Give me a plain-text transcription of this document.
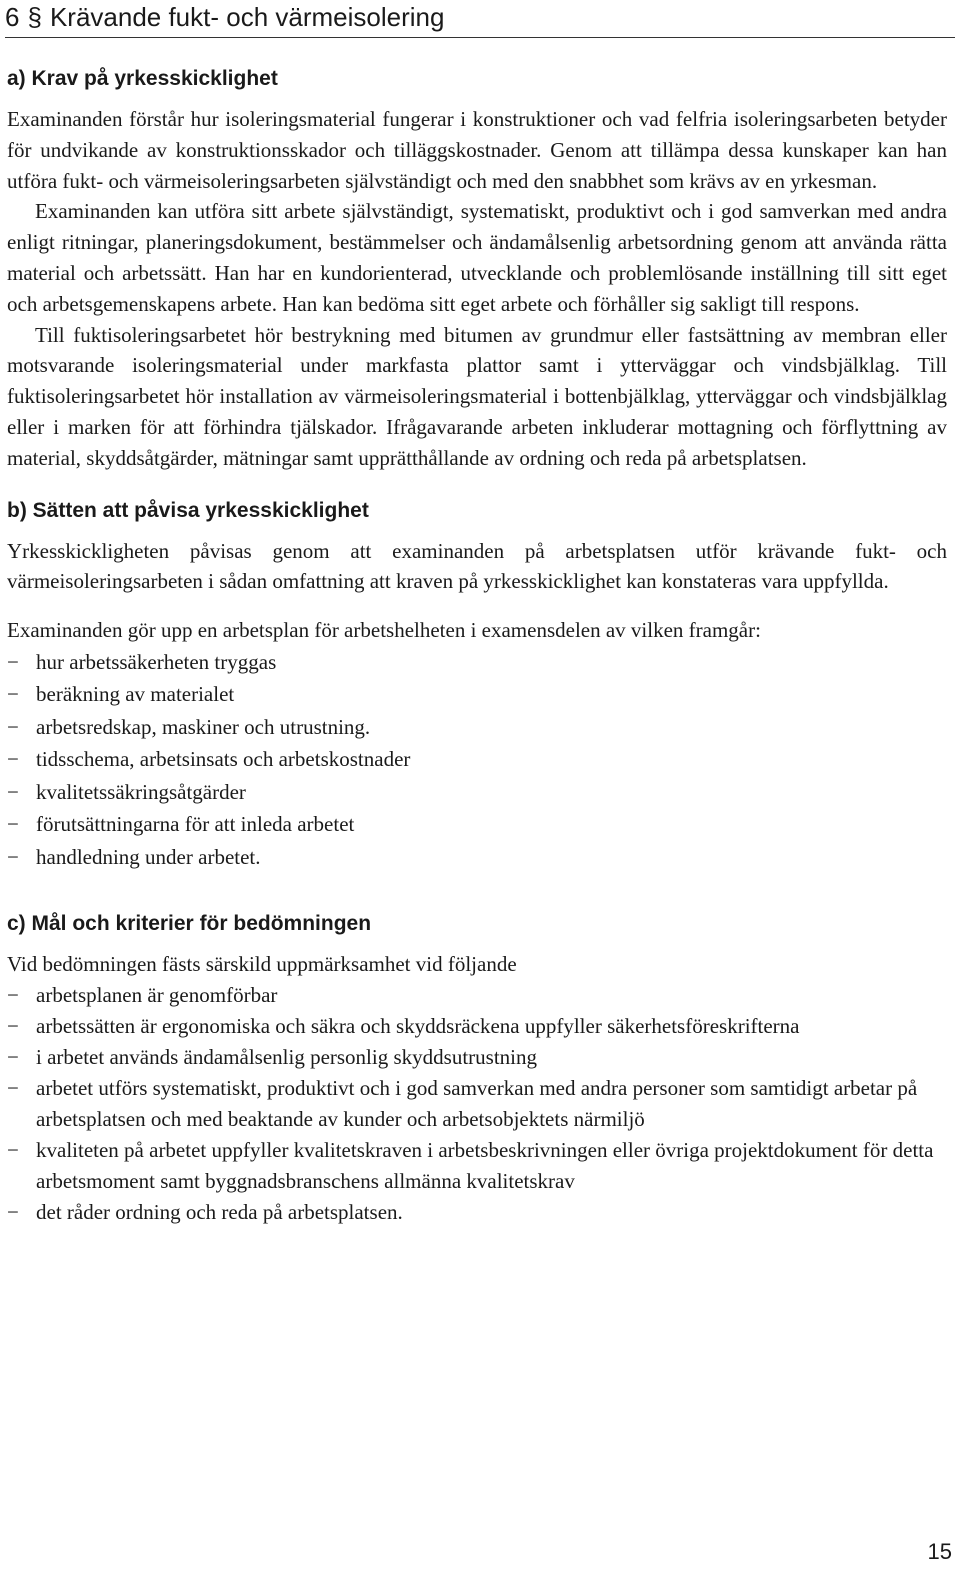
6 § Krävande fukt- och värmeisolering
a) Krav på yrkesskicklighet

Examinanden förstår hur isoleringsmaterial fungerar i konstruktioner och vad felfria isoleringsarbeten betyder för undvikande av konstruktionsskador och tilläggskostnader. Genom att tillämpa dessa kunskaper kan han utföra fukt- och värmeisoleringsarbeten självständigt och med den snabbhet som krävs av en yrkesman.

Examinanden kan utföra sitt arbete självständigt, systematiskt, produktivt och i god samverkan med andra enligt ritningar, planeringsdokument, bestämmelser och ändamålsenlig arbetsordning genom att använda rätta material och arbetssätt. Han har en kundorienterad, utvecklande och problemlösande inställning till sitt eget och arbetsgemenskapens arbete. Han kan bedöma sitt eget arbete och förhåller sig sakligt till respons.

Till fuktisoleringsarbetet hör bestrykning med bitumen av grundmur eller fastsättning av membran eller motsvarande isoleringsmaterial under markfasta plattor samt i ytterväggar och vindsbjälklag. Till fuktisoleringsarbetet hör installation av värmeisoleringsmaterial i bottenbjälklag, ytterväggar och vindsbjälklag eller i marken för att förhindra tjälskador. Ifrågavarande arbeten inkluderar mottagning och förflyttning av material, skyddsåtgärder, mätningar samt upprätthållande av ordning och reda på arbetsplatsen.

b) Sätten att påvisa yrkesskicklighet

Yrkesskickligheten påvisas genom att examinanden på arbetsplatsen utför krävande fukt- och värmeisoleringsarbeten i sådan omfattning att kraven på yrkesskicklighet kan konstateras vara uppfyllda.

Examinanden gör upp en arbetsplan för arbetshelheten i examensdelen av vilken framgår:

− hur arbetssäkerheten tryggas
− beräkning av materialet
− arbetsredskap, maskiner och utrustning.
− tidsschema, arbetsinsats och arbetskostnader
− kvalitetssäkringsåtgärder
− förutsättningarna för att inleda arbetet
− handledning under arbetet.
c) Mål och kriterier för bedömningen

Vid bedömningen fästs särskild uppmärksamhet vid följande

− arbetsplanen är genomförbar
− arbetssätten är ergonomiska och säkra och skyddsräckena uppfyller säkerhetsföreskrifterna
− i arbetet används ändamålsenlig personlig skyddsutrustning
− arbetet utförs systematiskt, produktivt och i god samverkan med andra personer som samtidigt arbetar på arbetsplatsen och med beaktande av kunder och arbetsobjektets närmiljö
− kvaliteten på arbetet uppfyller kvalitetskraven i arbetsbeskrivningen eller övriga projektdokument för detta arbetsmoment samt byggnadsbranschens allmänna kvalitetskrav
− det råder ordning och reda på arbetsplatsen.
15
